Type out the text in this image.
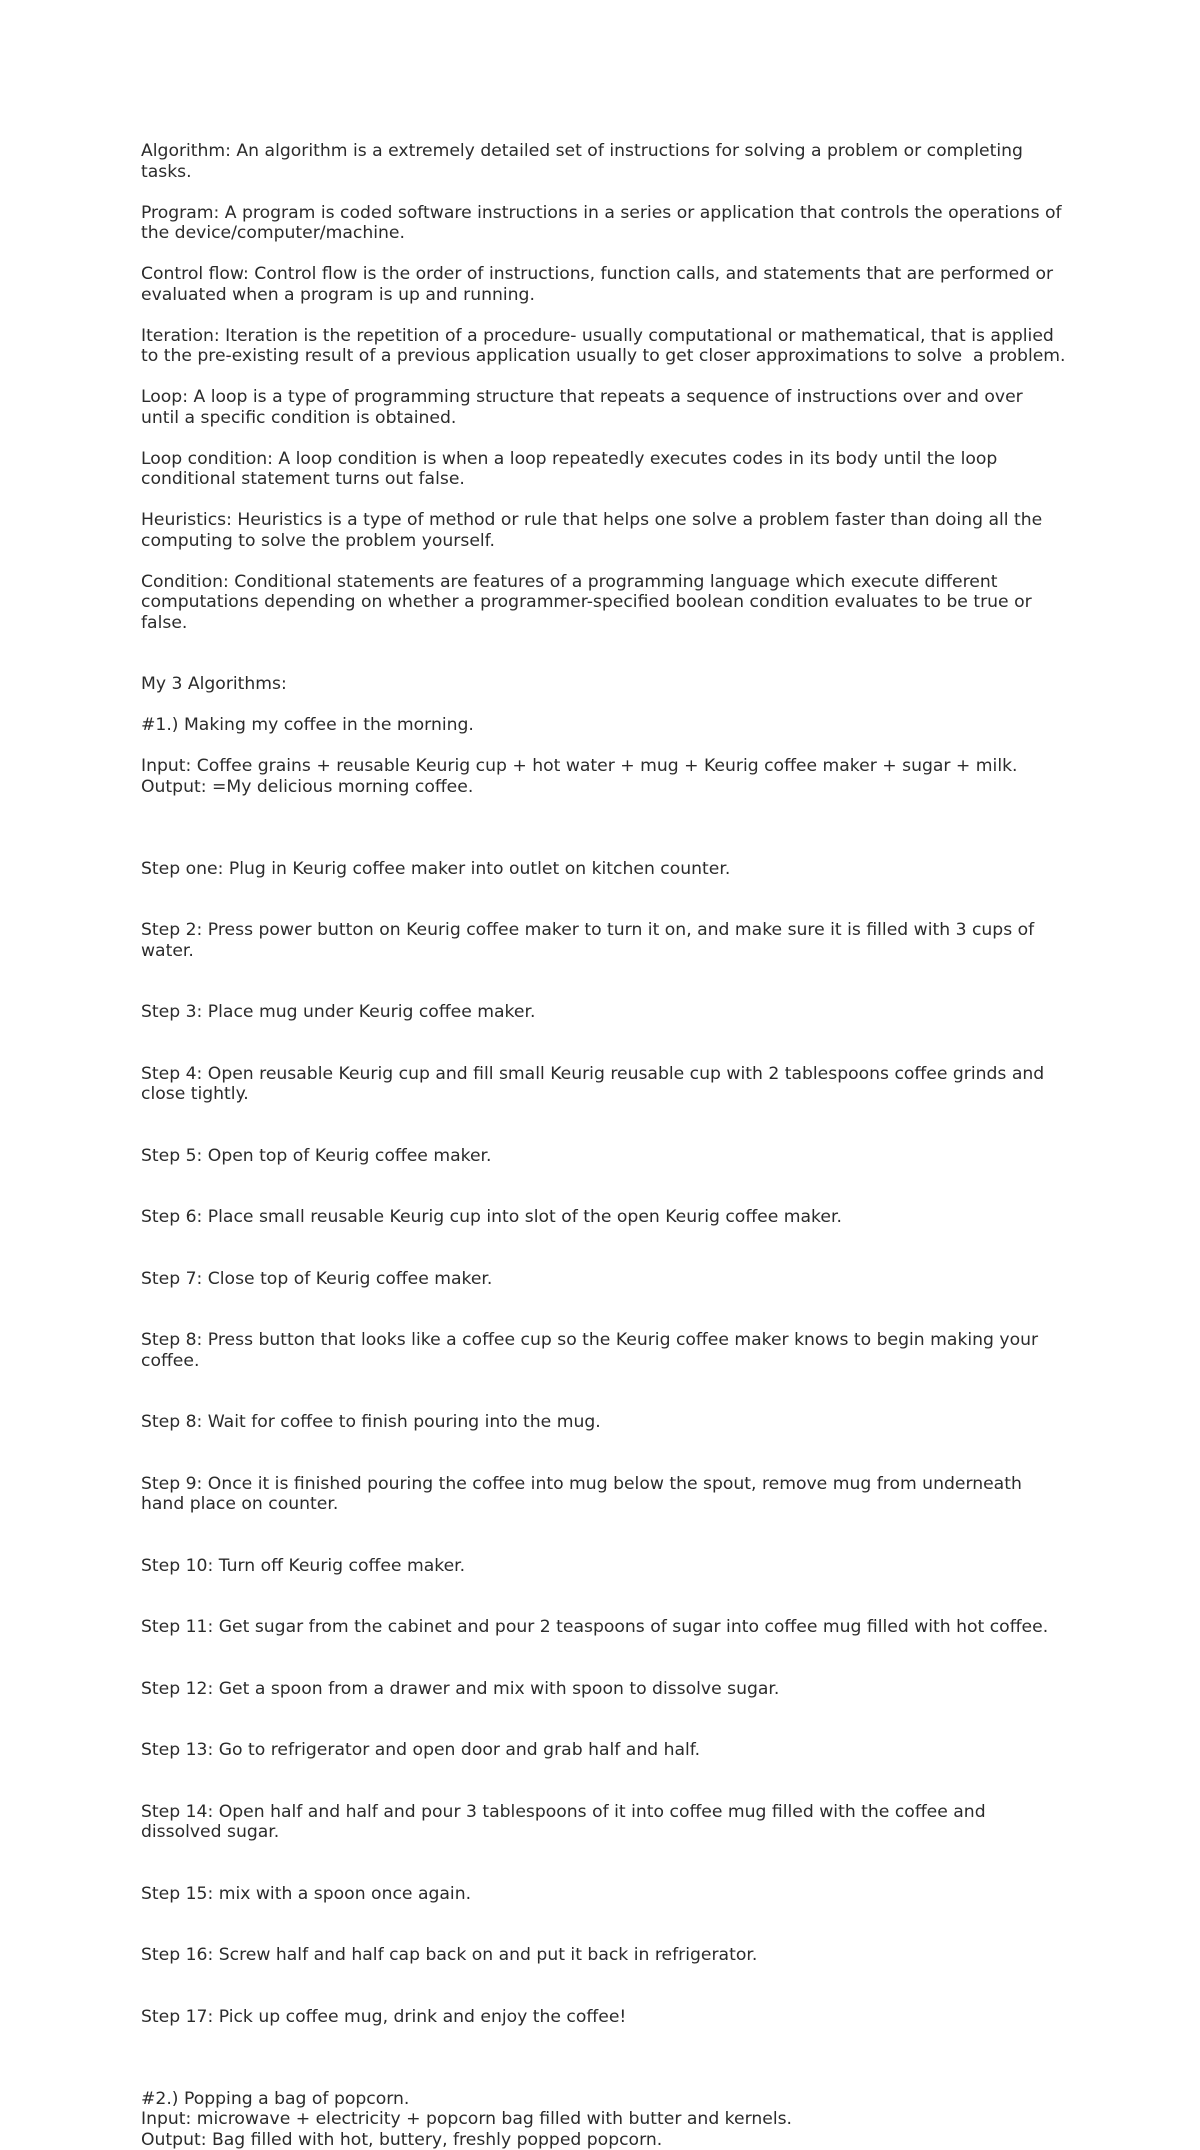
Algorithm: An algorithm is a extremely detailed set of instructions for solving a problem or completing tasks.

Program: A program is coded software instructions in a series or application that controls the operations of the device/computer/machine.

Control flow: Control flow is the order of instructions, function calls, and statements that are performed or evaluated when a program is up and running.

Iteration: Iteration is the repetition of a procedure- usually computational or mathematical, that is applied to the pre-existing result of a previous application usually to get closer approximations to solve  a problem.

Loop: A loop is a type of programming structure that repeats a sequence of instructions over and over until a specific condition is obtained.

Loop condition: A loop condition is when a loop repeatedly executes codes in its body until the loop conditional statement turns out false.

Heuristics: Heuristics is a type of method or rule that helps one solve a problem faster than doing all the computing to solve the problem yourself.

Condition: Conditional statements are features of a programming language which execute different computations depending on whether a programmer-specified boolean condition evaluates to be true or false.

My 3 Algorithms:

#1.) Making my coffee in the morning.

Input: Coffee grains + reusable Keurig cup + hot water + mug + Keurig coffee maker + sugar + milk.

Output: =My delicious morning coffee.

Step one: Plug in Keurig coffee maker into outlet on kitchen counter.

Step 2: Press power button on Keurig coffee maker to turn it on, and make sure it is filled with 3 cups of water.

Step 3: Place mug under Keurig coffee maker.

Step 4: Open reusable Keurig cup and fill small Keurig reusable cup with 2 tablespoons coffee grinds and close tightly.

Step 5: Open top of Keurig coffee maker.

Step 6: Place small reusable Keurig cup into slot of the open Keurig coffee maker.

Step 7: Close top of Keurig coffee maker.

Step 8: Press button that looks like a coffee cup so the Keurig coffee maker knows to begin making your coffee.

Step 8: Wait for coffee to finish pouring into the mug.

Step 9: Once it is finished pouring the coffee into mug below the spout, remove mug from underneath hand place on counter.

Step 10: Turn off Keurig coffee maker.

Step 11: Get sugar from the cabinet and pour 2 teaspoons of sugar into coffee mug filled with hot coffee.

Step 12: Get a spoon from a drawer and mix with spoon to dissolve sugar.

Step 13: Go to refrigerator and open door and grab half and half.

Step 14: Open half and half and pour 3 tablespoons of it into coffee mug filled with the coffee and dissolved sugar.

Step 15: mix with a spoon once again.

Step 16: Screw half and half cap back on and put it back in refrigerator.

Step 17: Pick up coffee mug, drink and enjoy the coffee!

#2.) Popping a bag of popcorn.

Input: microwave + electricity + popcorn bag filled with butter and kernels.

Output: Bag filled with hot, buttery, freshly popped popcorn.
